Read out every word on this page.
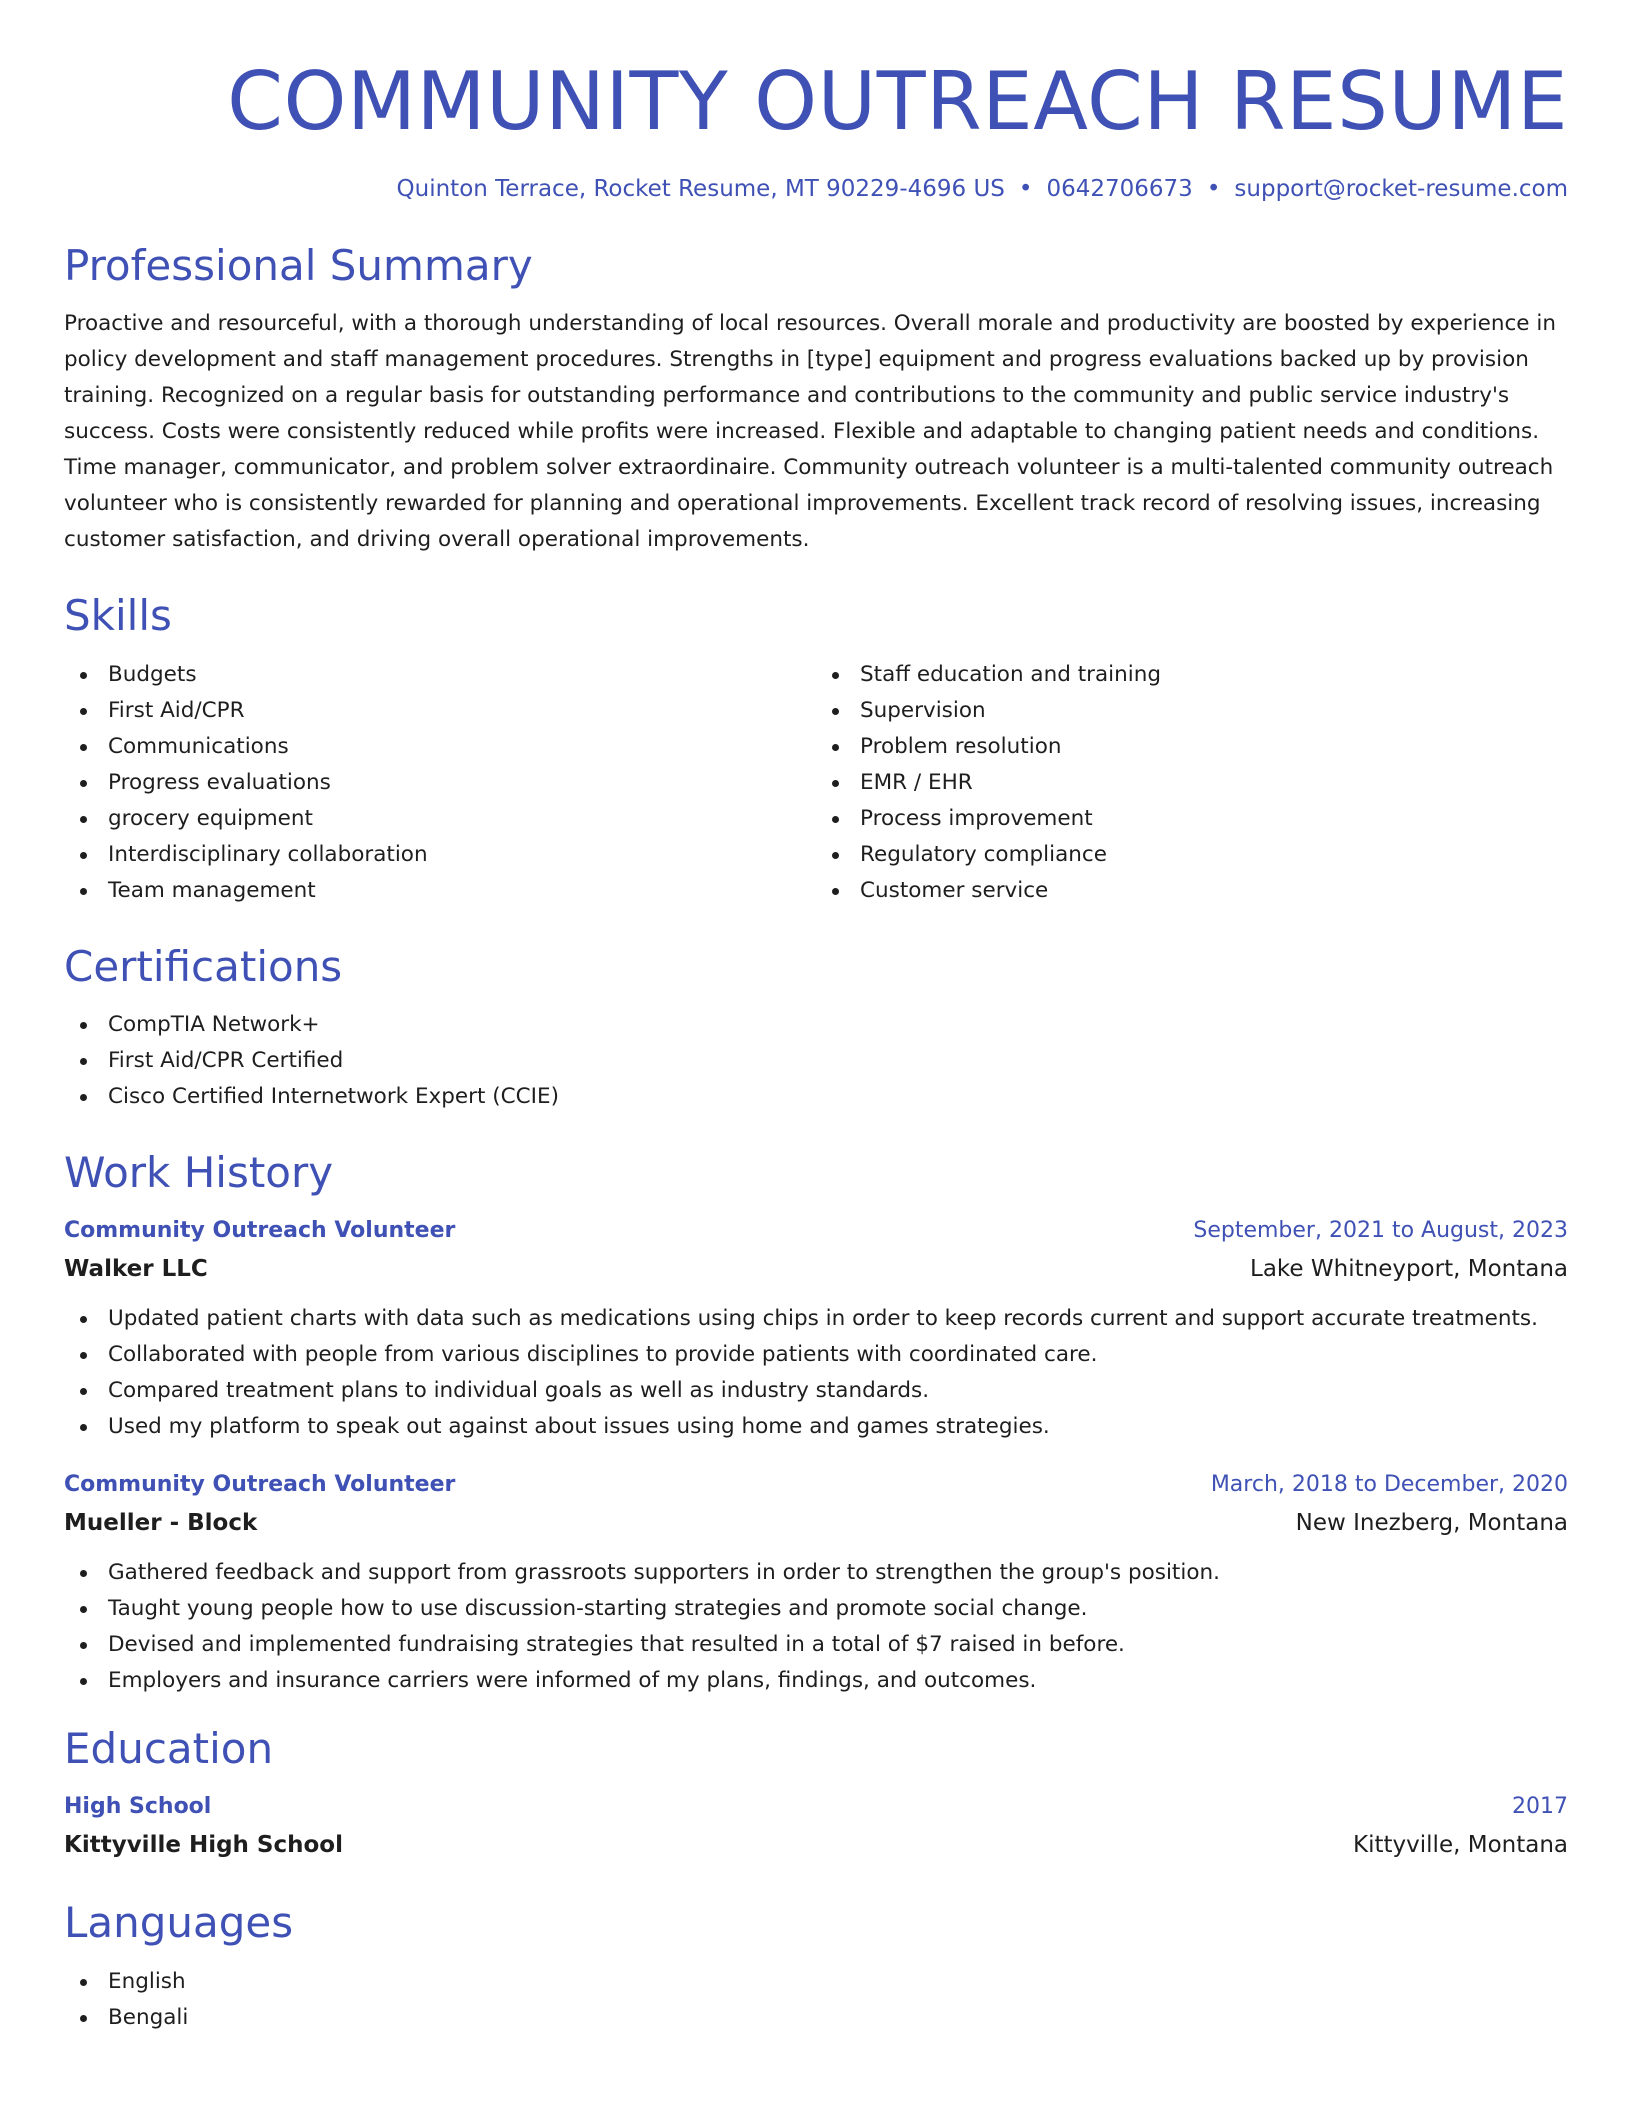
COMMUNITY OUTREACH RESUME
Quinton Terrace, Rocket Resume, MT 90229-4696 US • 0642706673 • support@rocket-resume.com
Professional Summary

Proactive and resourceful, with a thorough understanding of local resources. Overall morale and productivity are boosted by experience in policy development and staff management procedures. Strengths in [type] equipment and progress evaluations backed up by provision training. Recognized on a regular basis for outstanding performance and contributions to the community and public service industry's success. Costs were consistently reduced while profits were increased. Flexible and adaptable to changing patient needs and conditions. Time manager, communicator, and problem solver extraordinaire. Community outreach volunteer is a multi-talented community outreach volunteer who is consistently rewarded for planning and operational improvements. Excellent track record of resolving issues, increasing customer satisfaction, and driving overall operational improvements.

Skills
Budgets
First Aid/CPR
Communications
Progress evaluations
grocery equipment
Interdisciplinary collaboration
Team management
Staff education and training
Supervision
Problem resolution
EMR / EHR
Process improvement
Regulatory compliance
Customer service
Certifications
CompTIA Network+
First Aid/CPR Certified
Cisco Certified Internetwork Expert (CCIE)
Work History
Community Outreach Volunteer	September, 2021 to August, 2023
Walker LLC	Lake Whitneyport, Montana
Updated patient charts with data such as medications using chips in order to keep records current and support accurate treatments.
Collaborated with people from various disciplines to provide patients with coordinated care.
Compared treatment plans to individual goals as well as industry standards.
Used my platform to speak out against about issues using home and games strategies.
Community Outreach Volunteer	March, 2018 to December, 2020
Mueller - Block	New Inezberg, Montana
Gathered feedback and support from grassroots supporters in order to strengthen the group's position.
Taught young people how to use discussion-starting strategies and promote social change.
Devised and implemented fundraising strategies that resulted in a total of $7 raised in before.
Employers and insurance carriers were informed of my plans, findings, and outcomes.
Education
High School	2017
Kittyville High School	Kittyville, Montana
Languages
English
Bengali
